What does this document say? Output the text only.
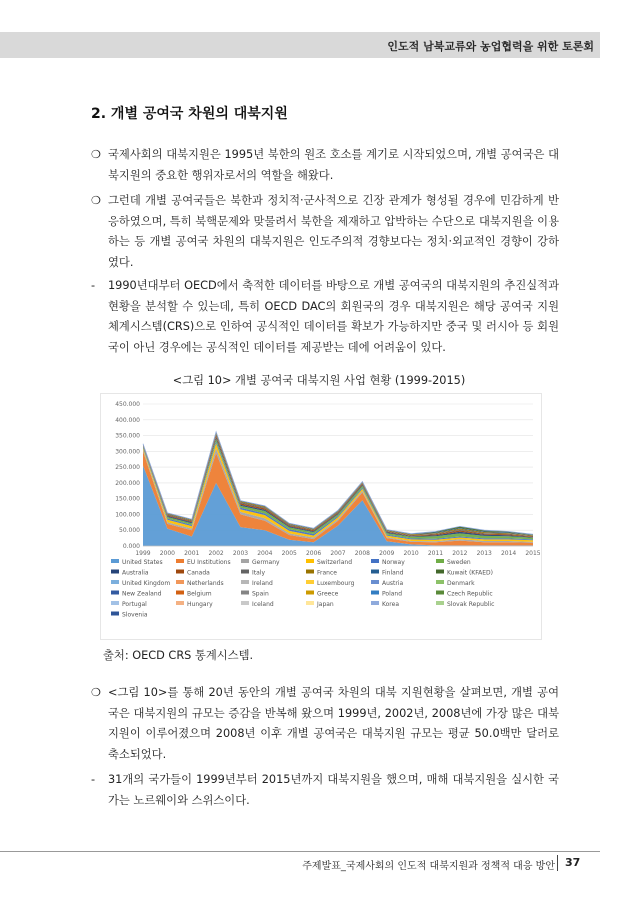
인도적 남북교류와 농업협력을 위한 토론회
2. 개별 공여국 차원의 대북지원
❍ 국제사회의 대북지원은 1995년 북한의 원조 호소를 계기로 시작되었으며, 개별 공여국은 대북지원의 중요한 행위자로서의 역할을 해왔다.
❍ 그런데 개별 공여국들은 북한과 정치적·군사적으로 긴장 관계가 형성될 경우에 민감하게 반응하였으며, 특히 북핵문제와 맞물려서 북한을 제재하고 압박하는 수단으로 대북지원을 이용하는 등 개별 공여국 차원의 대북지원은 인도주의적 경향보다는 정치·외교적인 경향이 강하였다.
- 1990년대부터 OECD에서 축적한 데이터를 바탕으로 개별 공여국의 대북지원의 추진실적과 현황을 분석할 수 있는데, 특히 OECD DAC의 회원국의 경우 대북지원은 해당 공여국 지원체계시스템(CRS)으로 인하여 공식적인 데이터를 확보가 가능하지만 중국 및 러시아 등 회원국이 아닌 경우에는 공식적인 데이터를 제공받는 데에 어려움이 있다.
<그림 10> 개별 공여국 대북지원 사업 현황 (1999-2015)
0.000
50.000
100.000
150.000
200.000
250.000
300.000
350.000
400.000
450.000
1999 2000 2001 2002 2003 2004 2005 2006 2007 2008 2009 2010 2011 2012 2013 2014 2015
United States	EU Institutions	Germany	Switzerland	Norway	Sweden
Australia	Canada	Italy	France	Finland	Kuwait (KFAED)
United Kingdom	Netherlands	Ireland	Luxembourg	Austria	Denmark
New Zealand	Belgium	Spain	Greece	Poland	Czech Republic
Portugal	Hungary	Iceland	Japan	Korea	Slovak Republic
Slovenia
출처: OECD CRS 통계시스템.
❍ <그림 10>를 통해 20년 동안의 개별 공여국 차원의 대북 지원현황을 살펴보면, 개별 공여국은 대북지원의 규모는 증감을 반복해 왔으며 1999년, 2002년, 2008년에 가장 많은 대북지원이 이루어졌으며 2008년 이후 개별 공여국은 대북지원 규모는 평균 50.0백만 달러로 축소되었다.
- 31개의 국가들이 1999년부터 2015년까지 대북지원을 했으며, 매해 대북지원을 실시한 국가는 노르웨이와 스위스이다.
주제발표_국제사회의 인도적 대북지원과 정책적 대응 방안 37
